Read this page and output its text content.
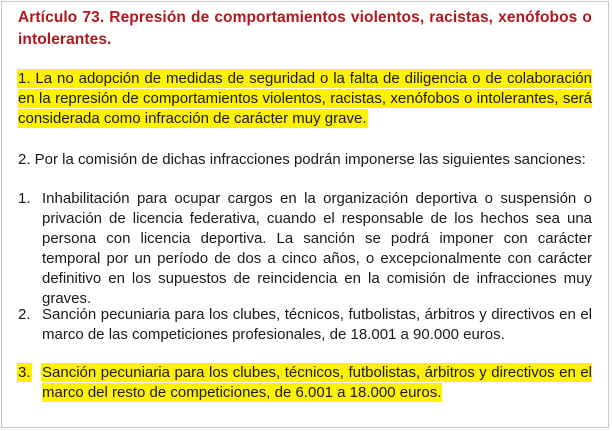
Artículo 73. Represión de comportamientos violentos, racistas, xenófobos o intolerantes.
1. La no adopción de medidas de seguridad o la falta de diligencia o de colaboración en la represión de comportamientos violentos, racistas, xenófobos o intolerantes, será considerada como infracción de carácter muy grave.
2. Por la comisión de dichas infracciones podrán imponerse las siguientes sanciones:
1. Inhabilitación para ocupar cargos en la organización deportiva o suspensión o privación de licencia federativa, cuando el responsable de los hechos sea una persona con licencia deportiva. La sanción se podrá imponer con carácter temporal por un período de dos a cinco años, o excepcionalmente con carácter definitivo en los supuestos de reincidencia en la comisión de infracciones muy graves.
2. Sanción pecuniaria para los clubes, técnicos, futbolistas, árbitros y directivos en el marco de las competiciones profesionales, de 18.001 a 90.000 euros.
3. Sanción pecuniaria para los clubes, técnicos, futbolistas, árbitros y directivos en el marco del resto de competiciones, de 6.001 a 18.000 euros.
